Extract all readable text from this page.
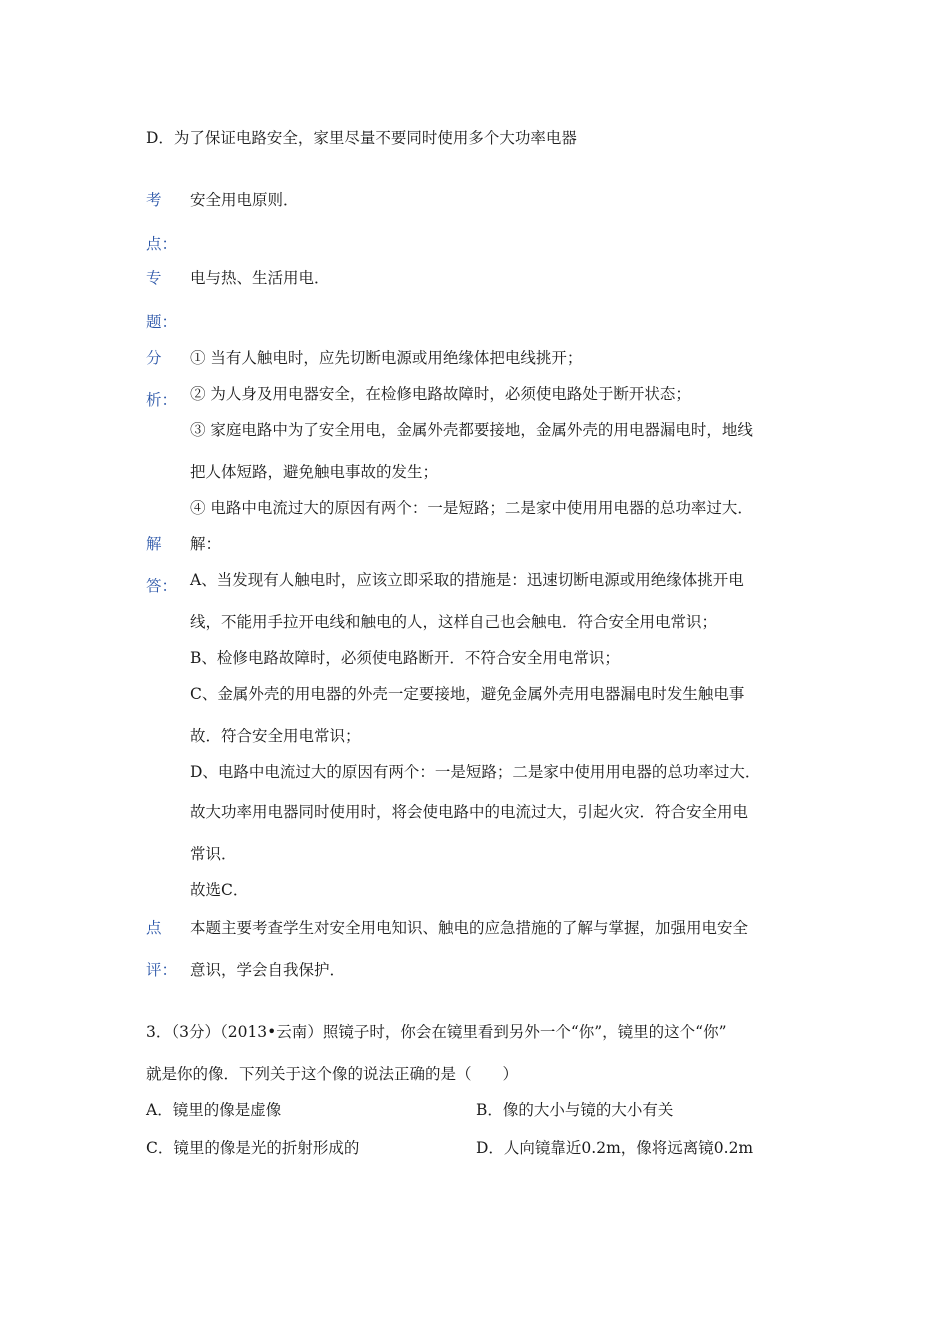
D．为了保证电路安全，家里尽量不要同时使用多个大功率电器
考
点：
安全用电原则．
专
题：
电与热、生活用电．
分
析：
① 当有人触电时，应先切断电源或用绝缘体把电线挑开；
② 为人身及用电器安全，在检修电路故障时，必须使电路处于断开状态；
③ 家庭电路中为了安全用电，金属外壳都要接地，金属外壳的用电器漏电时，地线
把人体短路，避免触电事故的发生；
④ 电路中电流过大的原因有两个：一是短路；二是家中使用用电器的总功率过大．
解
答：
解：
A、当发现有人触电时，应该立即采取的措施是：迅速切断电源或用绝缘体挑开电
线，不能用手拉开电线和触电的人，这样自己也会触电．符合安全用电常识；
B、检修电路故障时，必须使电路断开．不符合安全用电常识；
C、金属外壳的用电器的外壳一定要接地，避免金属外壳用电器漏电时发生触电事
故．符合安全用电常识；
D、电路中电流过大的原因有两个：一是短路；二是家中使用用电器的总功率过大．
故大功率用电器同时使用时，将会使电路中的电流过大，引起火灾．符合安全用电
常识．
故选C．
点
评：
本题主要考查学生对安全用电知识、触电的应急措施的了解与掌握，加强用电安全
意识，学会自我保护．
3．（3分）（2013•云南）照镜子时，你会在镜里看到另外一个“你”，镜里的这个“你”
就是你的像．下列关于这个像的说法正确的是（　　）
A．镜里的像是虚像	B．像的大小与镜的大小有关
C．镜里的像是光的折射形成的	D．人向镜靠近0.2m，像将远离镜0.2m
